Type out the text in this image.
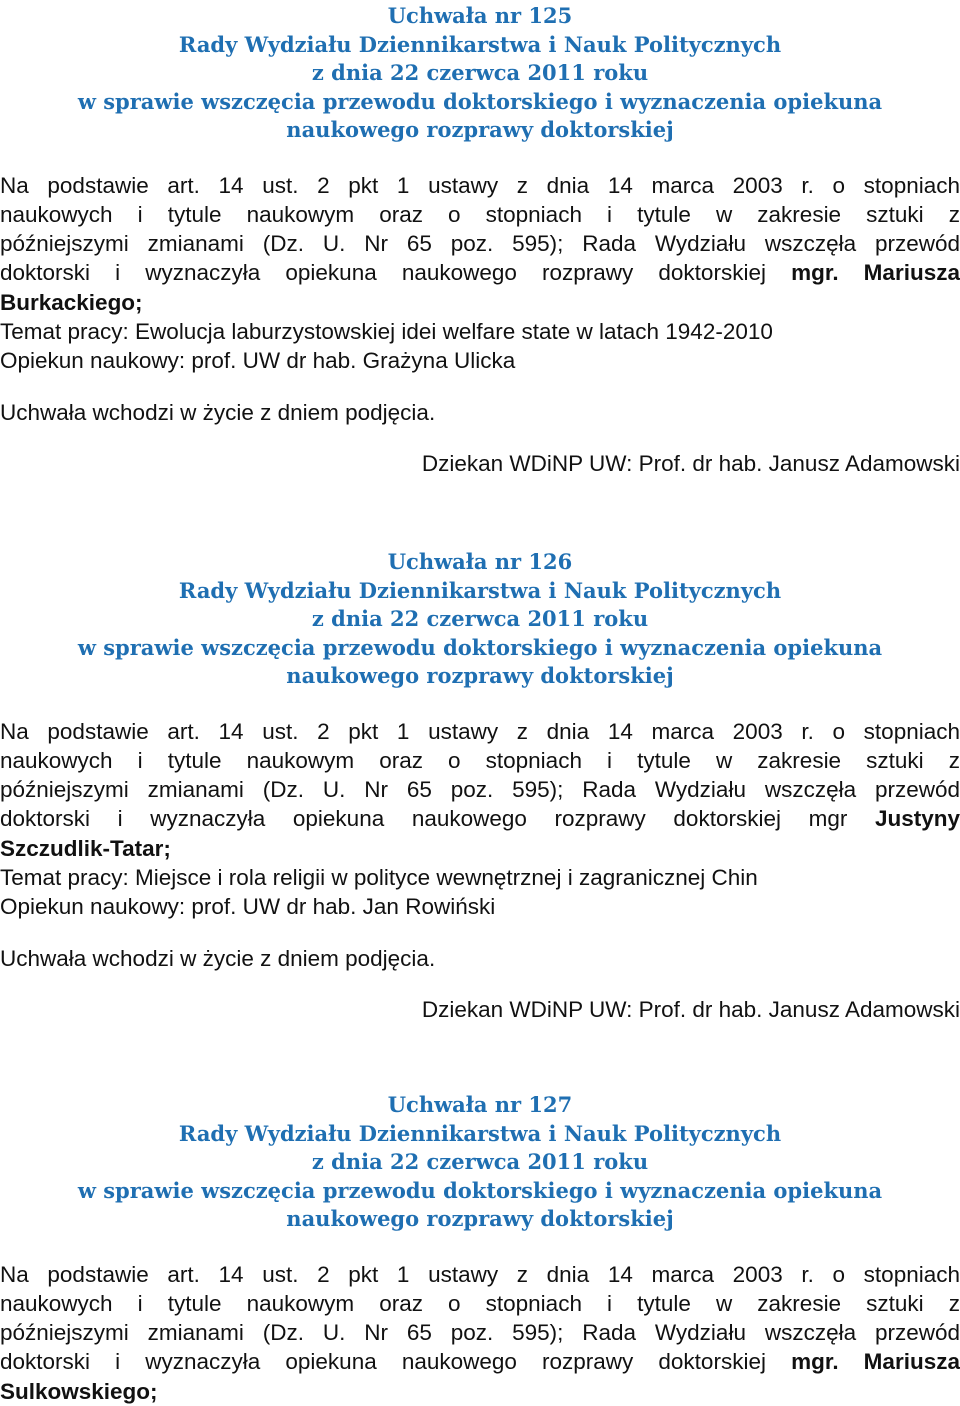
Uchwała nr 125
Rady Wydziału Dziennikarstwa i Nauk Politycznych
z dnia 22 czerwca 2011 roku
w sprawie wszczęcia przewodu doktorskiego i wyznaczenia opiekuna
naukowego rozprawy doktorskiej
Na podstawie art. 14 ust. 2 pkt 1 ustawy z dnia 14 marca 2003 r. o stopniach
naukowych i tytule naukowym oraz o stopniach i tytule w zakresie sztuki z
późniejszymi zmianami (Dz. U. Nr 65 poz. 595); Rada Wydziału wszczęła przewód
doktorski i wyznaczyła opiekuna naukowego rozprawy doktorskiej mgr. Mariusza
Burkackiego;
Temat pracy: Ewolucja laburzystowskiej idei welfare state w latach 1942-2010
Opiekun naukowy: prof. UW dr hab. Grażyna Ulicka
Uchwała wchodzi w życie z dniem podjęcia.
Dziekan WDiNP UW: Prof. dr hab. Janusz Adamowski
Uchwała nr 126
Rady Wydziału Dziennikarstwa i Nauk Politycznych
z dnia 22 czerwca 2011 roku
w sprawie wszczęcia przewodu doktorskiego i wyznaczenia opiekuna
naukowego rozprawy doktorskiej
Na podstawie art. 14 ust. 2 pkt 1 ustawy z dnia 14 marca 2003 r. o stopniach
naukowych i tytule naukowym oraz o stopniach i tytule w zakresie sztuki z
późniejszymi zmianami (Dz. U. Nr 65 poz. 595); Rada Wydziału wszczęła przewód
doktorski i wyznaczyła opiekuna naukowego rozprawy doktorskiej mgr Justyny
Szczudlik-Tatar;
Temat pracy: Miejsce i rola religii w polityce wewnętrznej i zagranicznej Chin
Opiekun naukowy: prof. UW dr hab. Jan Rowiński
Uchwała wchodzi w życie z dniem podjęcia.
Dziekan WDiNP UW: Prof. dr hab. Janusz Adamowski
Uchwała nr 127
Rady Wydziału Dziennikarstwa i Nauk Politycznych
z dnia 22 czerwca 2011 roku
w sprawie wszczęcia przewodu doktorskiego i wyznaczenia opiekuna
naukowego rozprawy doktorskiej
Na podstawie art. 14 ust. 2 pkt 1 ustawy z dnia 14 marca 2003 r. o stopniach
naukowych i tytule naukowym oraz o stopniach i tytule w zakresie sztuki z
późniejszymi zmianami (Dz. U. Nr 65 poz. 595); Rada Wydziału wszczęła przewód
doktorski i wyznaczyła opiekuna naukowego rozprawy doktorskiej mgr. Mariusza
Sulkowskiego;
